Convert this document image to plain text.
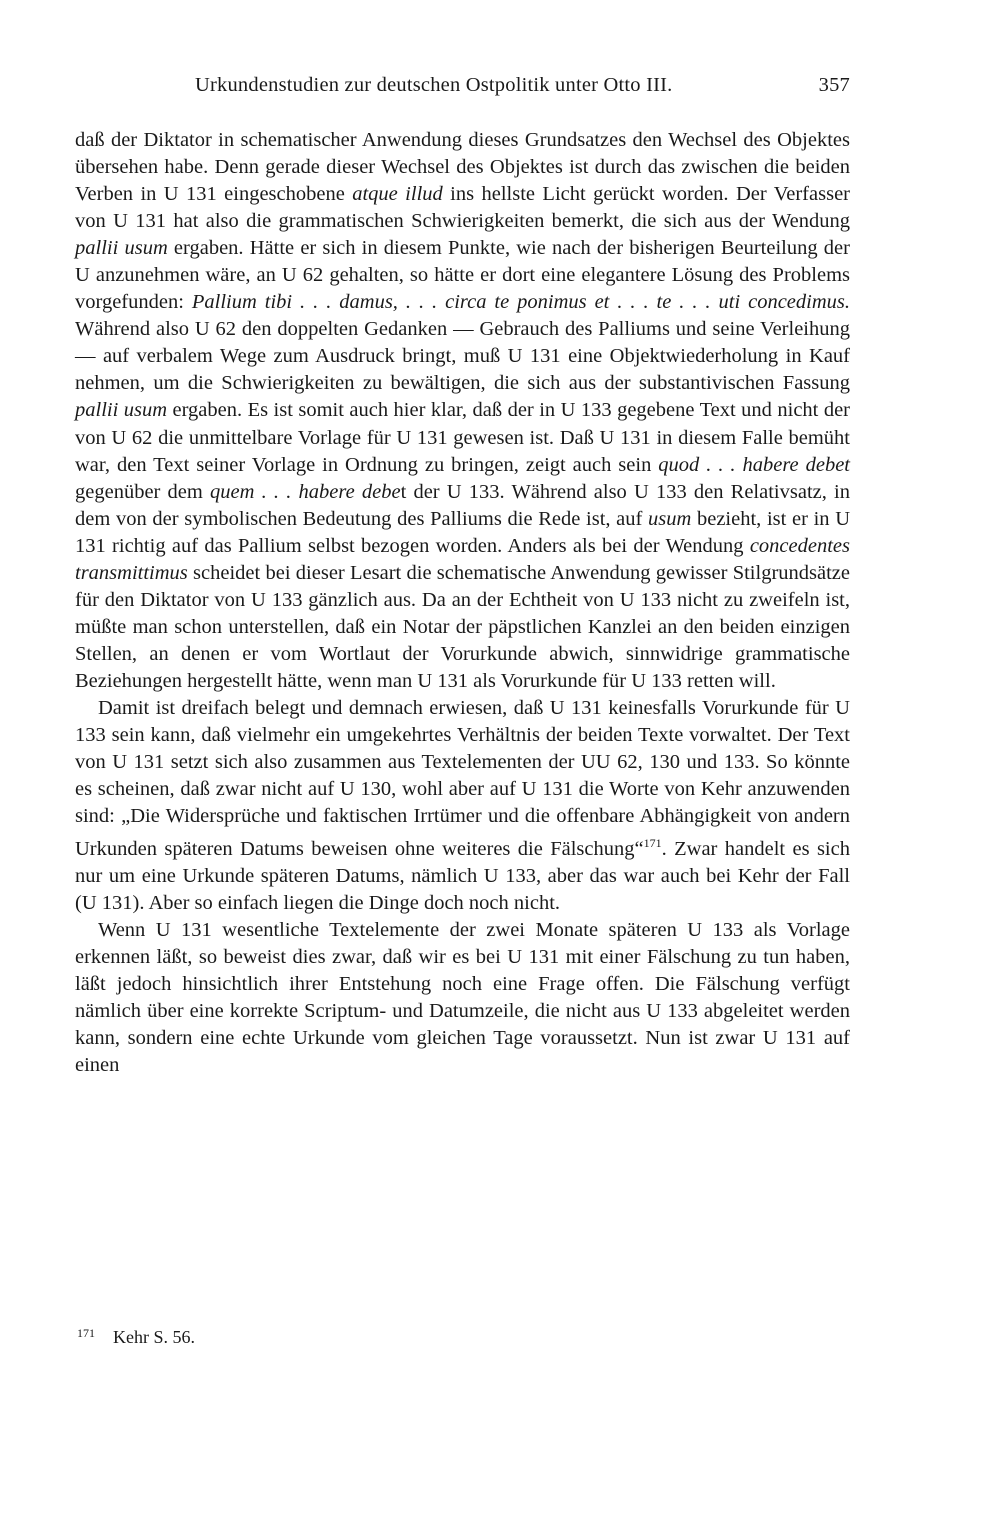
Urkundenstudien zur deutschen Ostpolitik unter Otto III.	357

daß der Diktator in schematischer Anwendung dieses Grundsatzes den Wechsel des Objektes übersehen habe. Denn gerade dieser Wechsel des Objektes ist durch das zwischen die beiden Verben in U 131 eingeschobene atque illud ins hellste Licht gerückt worden. Der Verfasser von U 131 hat also die grammatischen Schwierigkeiten bemerkt, die sich aus der Wendung pallii usum ergaben. Hätte er sich in diesem Punkte, wie nach der bisherigen Beurteilung der U anzunehmen wäre, an U 62 gehalten, so hätte er dort eine elegantere Lösung des Problems vorgefunden: Pallium tibi . . . damus, . . . circa te ponimus et . . . te . . . uti concedimus. Während also U 62 den doppelten Gedanken — Gebrauch des Palliums und seine Verleihung — auf verbalem Wege zum Ausdruck bringt, muß U 131 eine Objektwiederholung in Kauf nehmen, um die Schwierigkeiten zu bewältigen, die sich aus der substantivischen Fassung pallii usum ergaben. Es ist somit auch hier klar, daß der in U 133 gegebene Text und nicht der von U 62 die unmittelbare Vorlage für U 131 gewesen ist. Daß U 131 in diesem Falle bemüht war, den Text seiner Vorlage in Ordnung zu bringen, zeigt auch sein quod . . . habere debet gegenüber dem quem . . . habere debet der U 133. Während also U 133 den Relativsatz, in dem von der symbolischen Bedeutung des Palliums die Rede ist, auf usum bezieht, ist er in U 131 richtig auf das Pallium selbst bezogen worden. Anders als bei der Wendung concedentes transmittimus scheidet bei dieser Lesart die schematische Anwendung gewisser Stilgrundsätze für den Diktator von U 133 gänzlich aus. Da an der Echtheit von U 133 nicht zu zweifeln ist, müßte man schon unterstellen, daß ein Notar der päpstlichen Kanzlei an den beiden einzigen Stellen, an denen er vom Wortlaut der Vorurkunde abwich, sinnwidrige grammatische Beziehungen hergestellt hätte, wenn man U 131 als Vorurkunde für U 133 retten will.

Damit ist dreifach belegt und demnach erwiesen, daß U 131 keinesfalls Vorurkunde für U 133 sein kann, daß vielmehr ein umgekehrtes Verhältnis der beiden Texte vorwaltet. Der Text von U 131 setzt sich also zusammen aus Textelementen der UU 62, 130 und 133. So könnte es scheinen, daß zwar nicht auf U 130, wohl aber auf U 131 die Worte von Kehr anzuwenden sind: „Die Widersprüche und faktischen Irrtümer und die offenbare Abhängigkeit von andern Urkunden späteren Datums beweisen ohne weiteres die Fälschung“$^{171}$. Zwar handelt es sich nur um eine Urkunde späteren Datums, nämlich U 133, aber das war auch bei Kehr der Fall (U 131). Aber so einfach liegen die Dinge doch noch nicht.

Wenn U 131 wesentliche Textelemente der zwei Monate späteren U 133 als Vorlage erkennen läßt, so beweist dies zwar, daß wir es bei U 131 mit einer Fälschung zu tun haben, läßt jedoch hinsichtlich ihrer Entstehung noch eine Frage offen. Die Fälschung verfügt nämlich über eine korrekte Scriptum- und Datumzeile, die nicht aus U 133 abgeleitet werden kann, sondern eine echte Urkunde vom gleichen Tage voraussetzt. Nun ist zwar U 131 auf einen

$^{171}$ Kehr S. 56.
